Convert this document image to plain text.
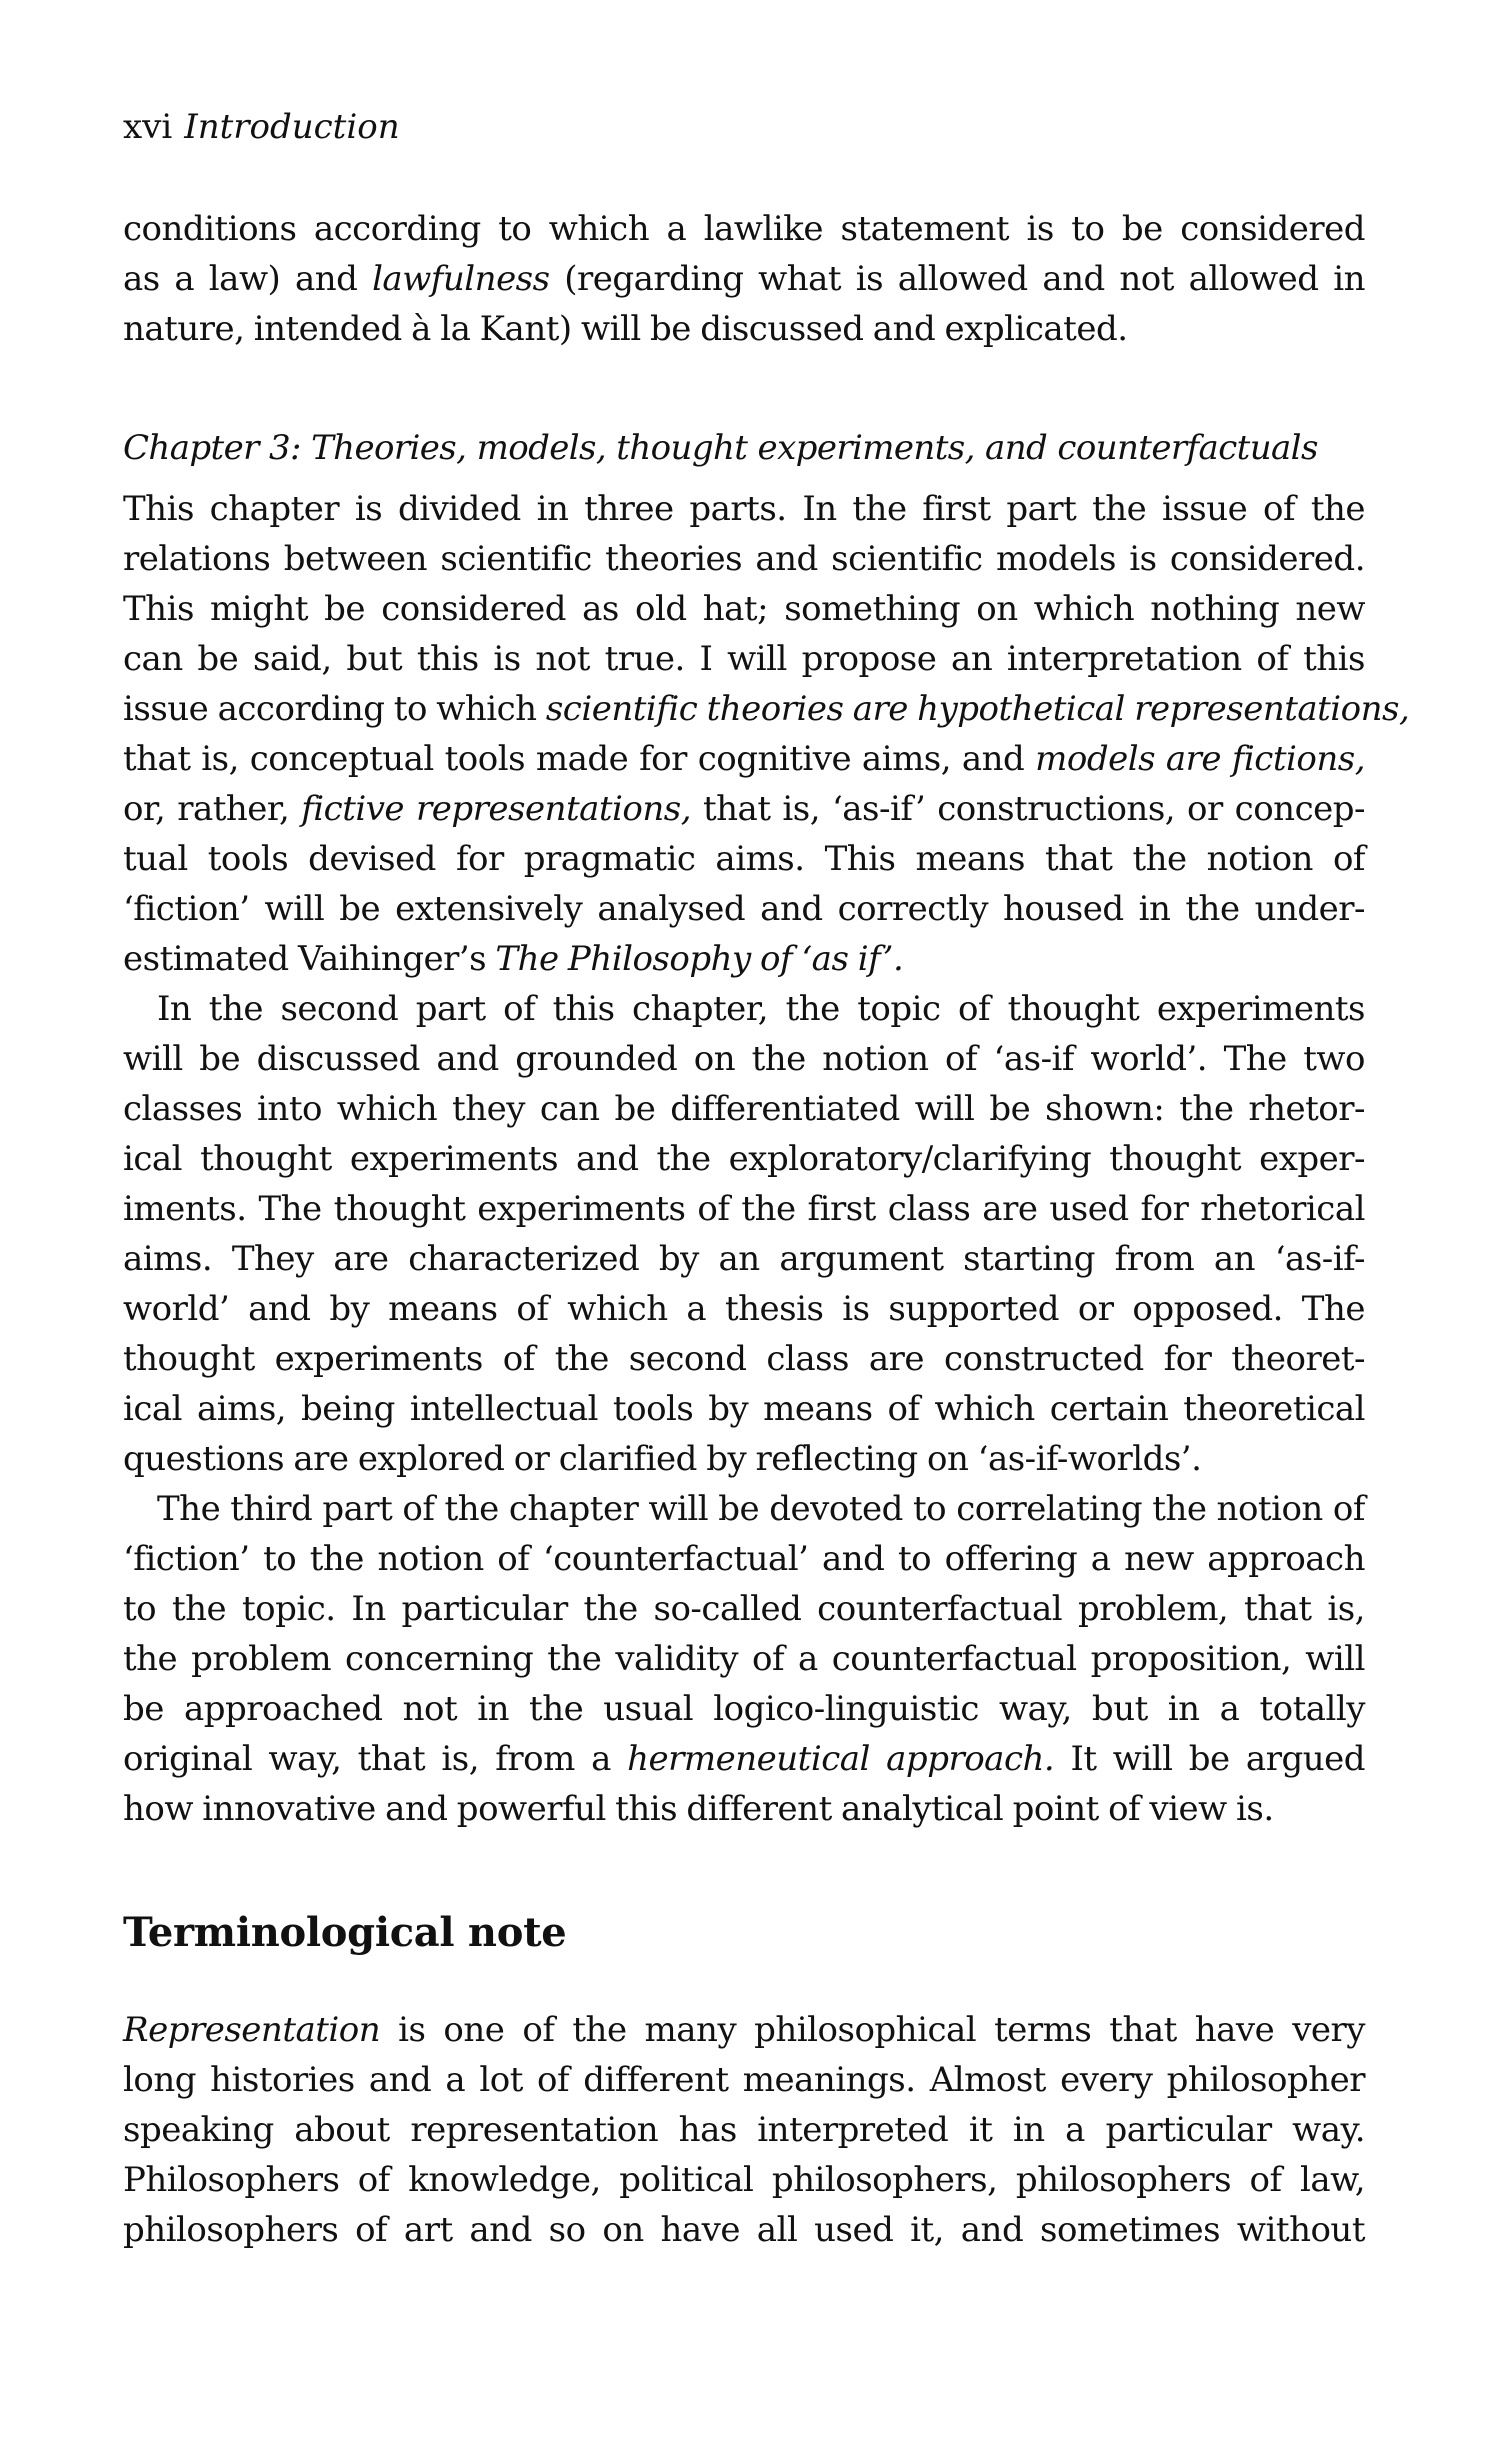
xvi Introduction
conditions according to which a lawlike statement is to be considered
as a law) and lawfulness (regarding what is allowed and not allowed in
nature, intended à la Kant) will be discussed and explicated.
Chapter 3: Theories, models, thought experiments, and counterfactuals
This chapter is divided in three parts. In the first part the issue of the
relations between scientific theories and scientific models is considered.
This might be considered as old hat; something on which nothing new
can be said, but this is not true. I will propose an interpretation of this
issue according to which scientific theories are hypothetical representations,
that is, conceptual tools made for cognitive aims, and models are fictions,
or, rather, fictive representations, that is, ‘as-if’ constructions, or concep-
tual tools devised for pragmatic aims. This means that the notion of
‘fiction’ will be extensively analysed and correctly housed in the under-
estimated Vaihinger’s The Philosophy of ‘as if’.
In the second part of this chapter, the topic of thought experiments
will be discussed and grounded on the notion of ‘as-if world’. The two
classes into which they can be differentiated will be shown: the rhetor-
ical thought experiments and the exploratory/clarifying thought exper-
iments. The thought experiments of the first class are used for rhetorical
aims. They are characterized by an argument starting from an ‘as-if-
world’ and by means of which a thesis is supported or opposed. The
thought experiments of the second class are constructed for theoret-
ical aims, being intellectual tools by means of which certain theoretical
questions are explored or clarified by reflecting on ‘as-if-worlds’.
The third part of the chapter will be devoted to correlating the notion of
‘fiction’ to the notion of ‘counterfactual’ and to offering a new approach
to the topic. In particular the so-called counterfactual problem, that is,
the problem concerning the validity of a counterfactual proposition, will
be approached not in the usual logico-linguistic way, but in a totally
original way, that is, from a hermeneutical approach. It will be argued
how innovative and powerful this different analytical point of view is.
Terminological note
Representation is one of the many philosophical terms that have very
long histories and a lot of different meanings. Almost every philosopher
speaking about representation has interpreted it in a particular way.
Philosophers of knowledge, political philosophers, philosophers of law,
philosophers of art and so on have all used it, and sometimes without
